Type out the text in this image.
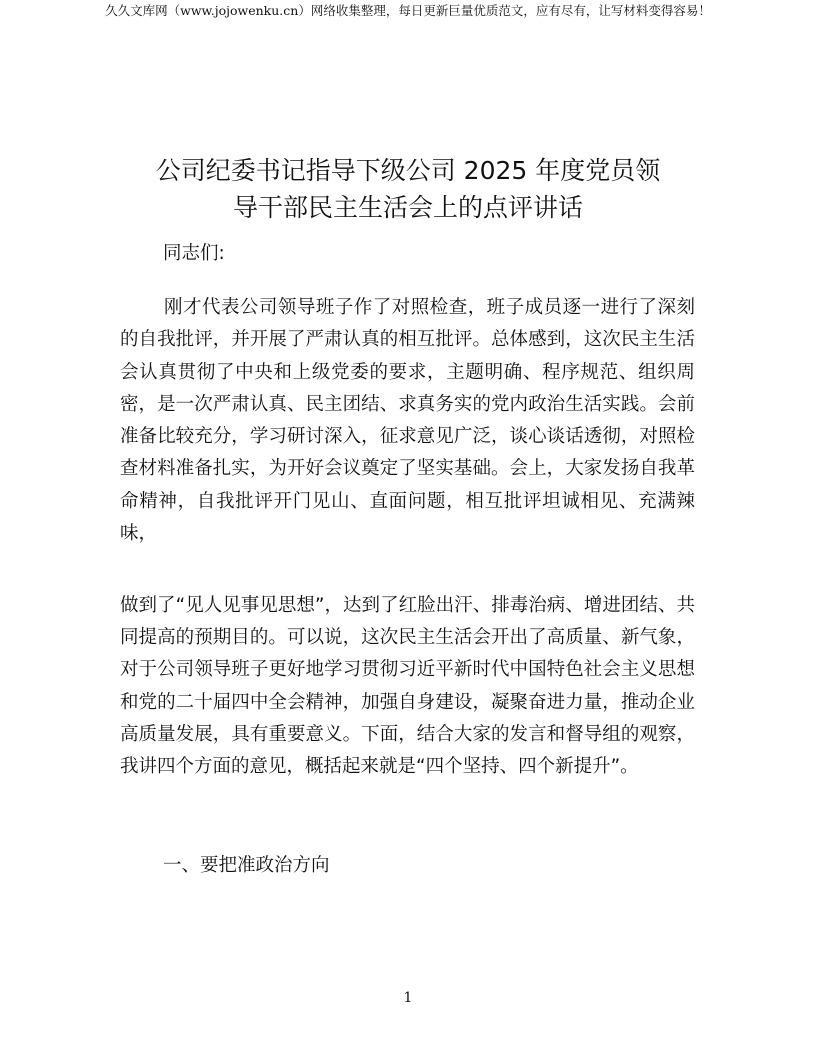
久久文库网（www.jojowenku.cn）网络收集整理，每日更新巨量优质范文，应有尽有，让写材料变得容易！
公司纪委书记指导下级公司 2025 年度党员领
导干部民主生活会上的点评讲话
同志们:

刚才代表公司领导班子作了对照检查，班子成员逐一进行了深刻的自我批评，并开展了严肃认真的相互批评。总体感到，这次民主生活会认真贯彻了中央和上级党委的要求，主题明确、程序规范、组织周密，是一次严肃认真、民主团结、求真务实的党内政治生活实践。会前准备比较充分，学习研讨深入，征求意见广泛，谈心谈话透彻，对照检查材料准备扎实，为开好会议奠定了坚实基础。会上，大家发扬自我革命精神，自我批评开门见山、直面问题，相互批评坦诚相见、充满辣味，

做到了“见人见事见思想”，达到了红脸出汗、排毒治病、增进团结、共同提高的预期目的。可以说，这次民主生活会开出了高质量、新气象，对于公司领导班子更好地学习贯彻习近平新时代中国特色社会主义思想和党的二十届四中全会精神，加强自身建设，凝聚奋进力量，推动企业高质量发展，具有重要意义。下面，结合大家的发言和督导组的观察，我讲四个方面的意见，概括起来就是“四个坚持、四个新提升”。

一、要把准政治方向
1
